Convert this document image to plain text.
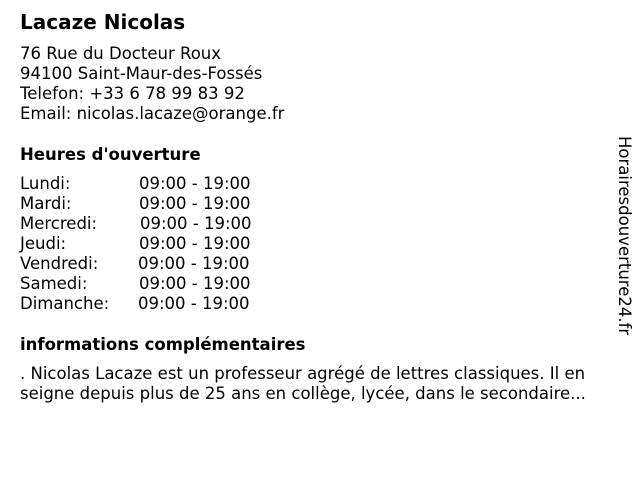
Lacaze Nicolas
76 Rue du Docteur Roux
94100 Saint-Maur-des-Fossés
Telefon: +33 6 78 99 83 92
Email: nicolas.lacaze@orange.fr
Heures d'ouverture
Lundi:	09:00 - 19:00
Mardi:	09:00 - 19:00
Mercredi:	09:00 - 19:00
Jeudi:	09:00 - 19:00
Vendredi: 09:00 - 19:00
Samedi:	09:00 - 19:00
Dimanche: 09:00 - 19:00
informations complémentaires
. Nicolas Lacaze est un professeur agrégé de lettres classiques. Il en
seigne depuis plus de 25 ans en collège, lycée, dans le secondaire...
Horairesdouverture24.fr
